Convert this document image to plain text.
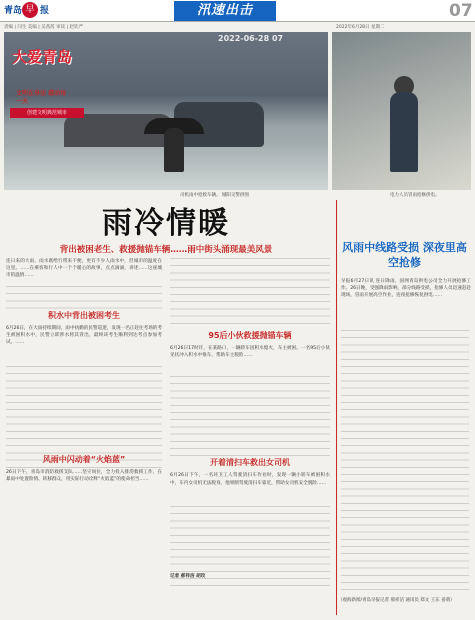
青岛 早 报	汛速出击	07
责编 | 闫生 美编 | 吴茜茜 审读 | 赵钦严	2022年6月28日 星期二
大爱青岛
文明在身边 感动每一天
创建文明典范城市
2022-06-28 07
司机雨中抢救车辆。 城阳交警供图	电力人员冒雨抢修供电。
雨冷情暖
背出被困老生、救援抛锚车辆……雨中街头涌现最美风景

连日来的大雨，雨水既给行带来不便，更有不少人雨水中，但城市的温度在这里。……在乘客和行人中一个个暖心的故事，点点滴滴，讲述……这座城市的温情……

积水中背出被困考生

6月26日，在大雨持续期间，雨中执勤的民警巡逻，发现一名正赶往考场的考生被困积水中，民警立即涉水将其背出，最终该考生顺利到达考点参加考试。……

风雨中闪动着“火焰蓝”

26日下午，青岛市消防救援支队……坚守岗位，全力投入排涝救援工作，在暴雨中处置险情、转移群众，用实际行动诠释“火焰蓝”的使命担当……

95后小伙救援抛锚车辆

6月26日17时许，在某路口，一辆轿车因积水熄火，车主被困。一名95后小伙见状冲入积水中推车，帮助车主脱险……

开着清扫车救出女司机

6月26日下午，一名环卫工人驾驶清扫车作业时，发现一辆小轿车被困积水中，车内女司机无法脱身。他果断驾驶清扫车靠近，帮助女司机安全脱险……

记者 郝祥洁 胡玫
风雨中线路受损 深夜里高空抢修

早报6月27日讯 连日降雨，国网青岛供电公司全力开展抢修工作。26日晚，受强降雨影响，部分线路受损，抢修人员迅速赶赴现场，冒雨开展高空作业，连夜抢修恢复供电……

（观海新闻/青岛早报记者 郝祥洁 通讯员 郑文 王东 姜萌）
